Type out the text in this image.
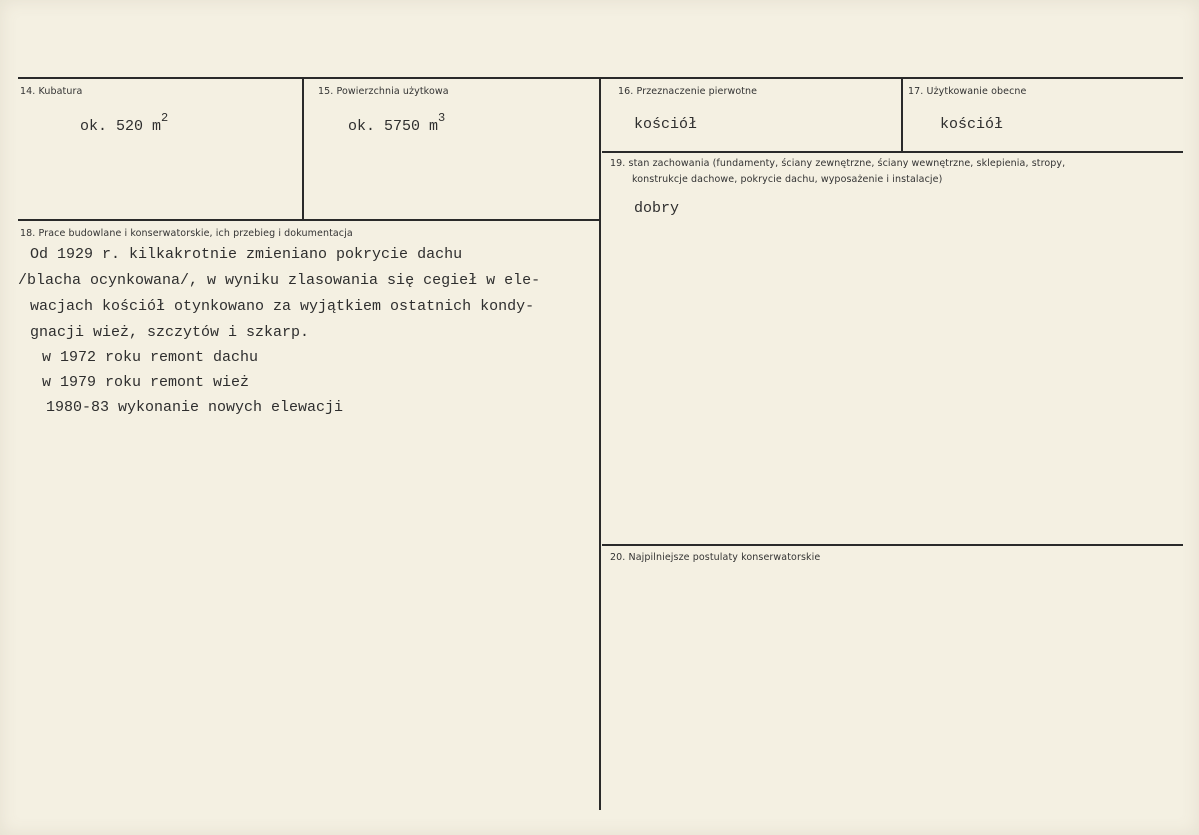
14. Kubatura
ok. 520 $m^2$
15. Powierzchnia użytkowa
ok. 5750 $m^3$
16. Przeznaczenie pierwotne
kościół
17. Użytkowanie obecne
kościół
18. Prace budowlane i konserwatorskie, ich przebieg i dokumentacja
Od 1929 r. kilkakrotnie zmieniano pokrycie dachu
/blacha ocynkowana/, w wyniku zlasowania się cegieł w ele-
wacjach kościół otynkowano za wyjątkiem ostatnich kondy-
gnacji wież, szczytów i szkarp.
w 1972 roku remont dachu
w 1979 roku remont wież
1980-83 wykonanie nowych elewacji
19. stan zachowania (fundamenty, ściany zewnętrzne, ściany wewnętrzne, sklepienia, stropy,
konstrukcje dachowe, pokrycie dachu, wyposażenie i instalacje)
dobry
20. Najpilniejsze postulaty konserwatorskie
